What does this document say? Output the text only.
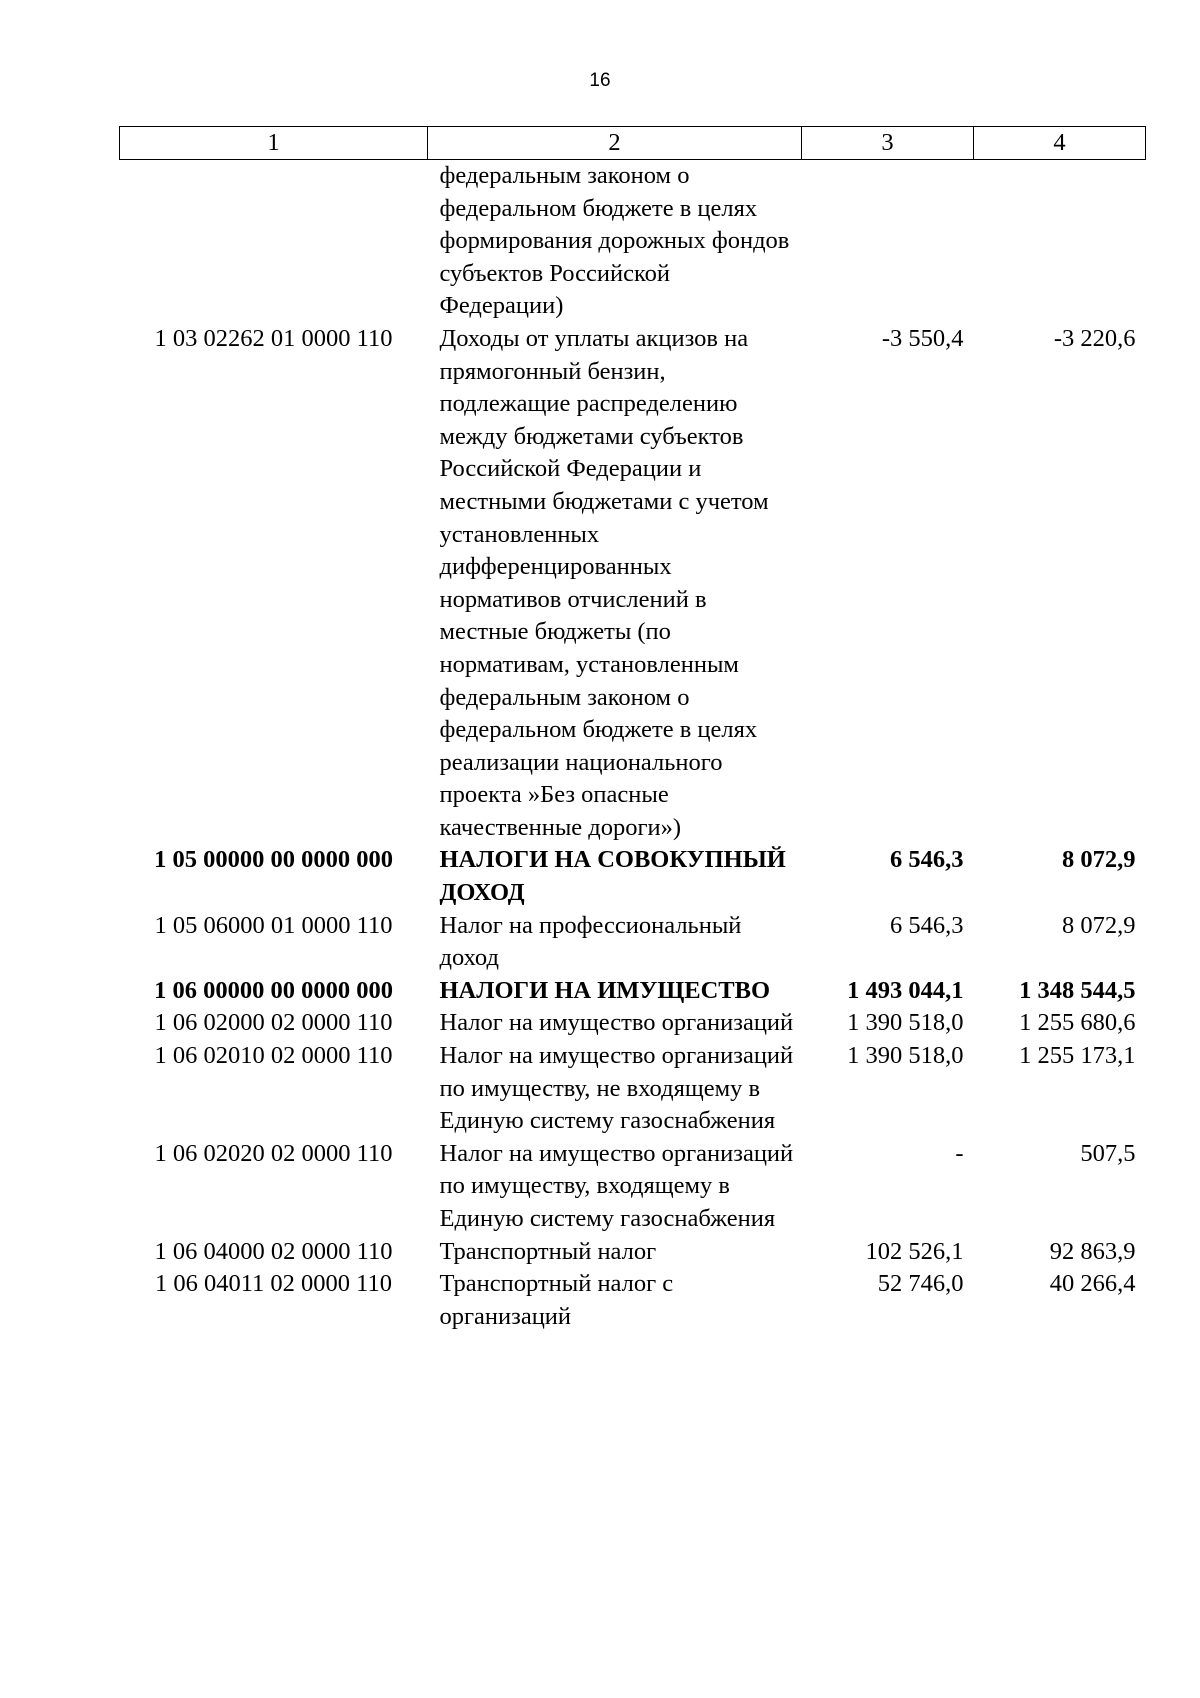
16
1	2	3	4
	федеральным законом о федеральном бюджете в целях формирования дорожных фондов субъектов Российской Федерации)		
1 03 02262 01 0000 110	Доходы от уплаты акцизов на прямогонный бензин, подлежащие распределению между бюджетами субъектов Российской Федерации и местными бюджетами с учетом установленных дифференцированных нормативов отчислений в местные бюджеты (по нормативам, установленным федеральным законом о федеральном бюджете в целях реализации национального проекта »Без опасные качественные дороги»)	-3 550,4	-3 220,6
1 05 00000 00 0000 000	НАЛОГИ НА СОВОКУПНЫЙ ДОХОД	6 546,3	8 072,9
1 05 06000 01 0000 110	Налог на профессиональный доход	6 546,3	8 072,9
1 06 00000 00 0000 000	НАЛОГИ НА ИМУЩЕСТВО	1 493 044,1	1 348 544,5
1 06 02000 02 0000 110	Налог на имущество организаций	1 390 518,0	1 255 680,6
1 06 02010 02 0000 110	Налог на имущество организаций по имуществу, не входящему в Единую систему газоснабжения	1 390 518,0	1 255 173,1
1 06 02020 02 0000 110	Налог на имущество организаций по имуществу, входящему в Единую систему газоснабжения	-	507,5
1 06 04000 02 0000 110	Транспортный налог	102 526,1	92 863,9
1 06 04011 02 0000 110	Транспортный налог с организаций	52 746,0	40 266,4
